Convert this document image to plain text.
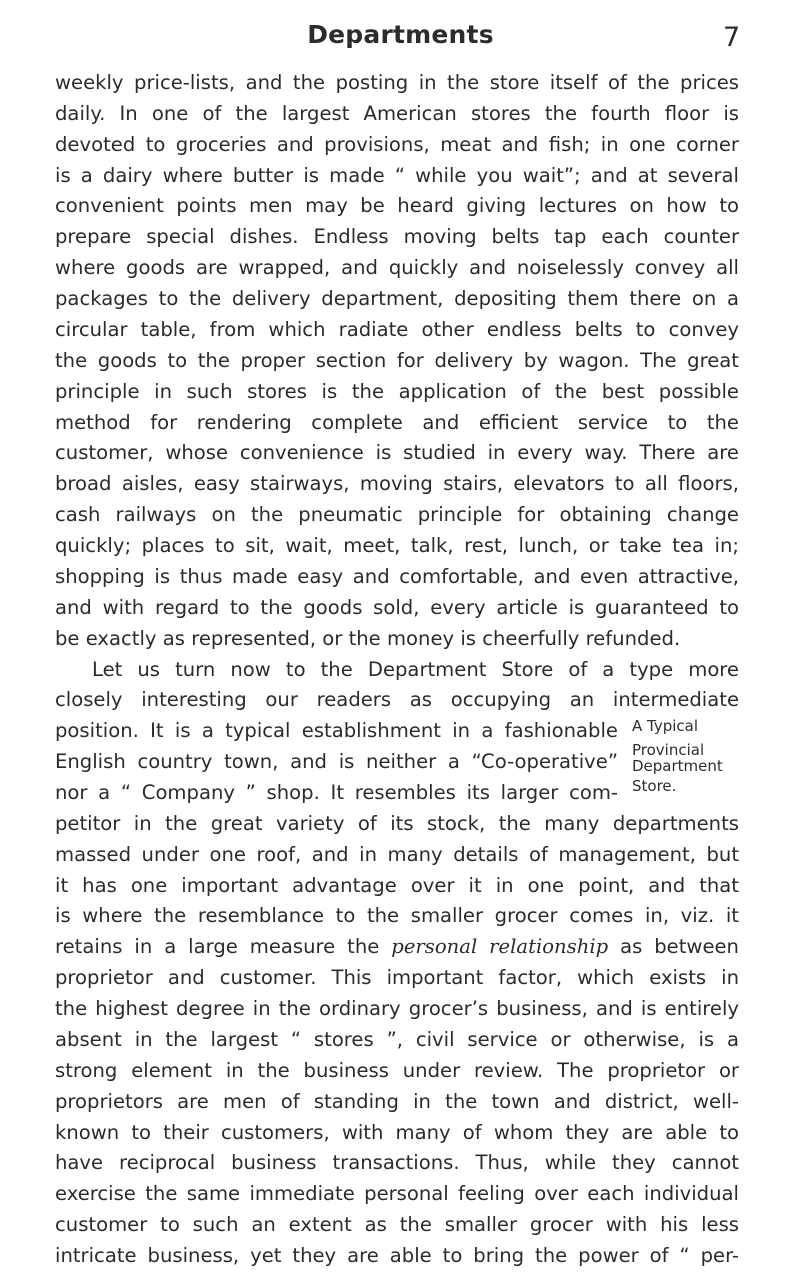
Departments	7
weekly price-lists, and the posting in the store itself of the prices
daily. In one of the largest American stores the fourth floor is
devoted to groceries and provisions, meat and fish; in one corner
is a dairy where butter is made “ while you wait”; and at several
convenient points men may be heard giving lectures on how to
prepare special dishes. Endless moving belts tap each counter
where goods are wrapped, and quickly and noiselessly convey all
packages to the delivery department, depositing them there on a
circular table, from which radiate other endless belts to convey
the goods to the proper section for delivery by wagon. The great
principle in such stores is the application of the best possible
method for rendering complete and efficient service to the
customer, whose convenience is studied in every way. There are
broad aisles, easy stairways, moving stairs, elevators to all floors,
cash railways on the pneumatic principle for obtaining change
quickly; places to sit, wait, meet, talk, rest, lunch, or take tea in;
shopping is thus made easy and comfortable, and even attractive,
and with regard to the goods sold, every article is guaranteed to
be exactly as represented, or the money is cheerfully refunded.
Let us turn now to the Department Store of a type more
closely interesting our readers as occupying an intermediate
position. It is a typical establishment in a fashionable
English country town, and is neither a “Co-operative”
nor a “ Company ” shop. It resembles its larger com-
petitor in the great variety of its stock, the many departments
massed under one roof, and in many details of management, but
it has one important advantage over it in one point, and that
is where the resemblance to the smaller grocer comes in, viz. it
retains in a large measure the personal relationship as between
proprietor and customer. This important factor, which exists in
the highest degree in the ordinary grocer’s business, and is entirely
absent in the largest “ stores ”, civil service or otherwise, is a
strong element in the business under review. The proprietor or
proprietors are men of standing in the town and district, well-
known to their customers, with many of whom they are able to
have reciprocal business transactions. Thus, while they cannot
exercise the same immediate personal feeling over each individual
customer to such an extent as the smaller grocer with his less
intricate business, yet they are able to bring the power of “ per-
A Typical
Provincial
Department
Store.
